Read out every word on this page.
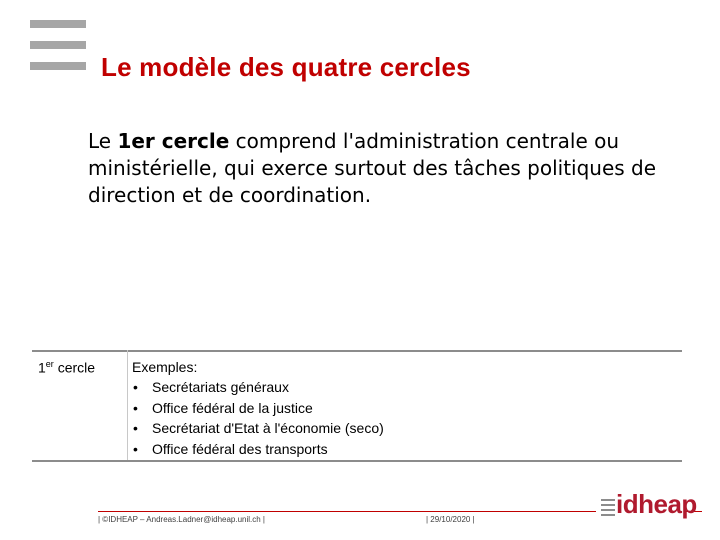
Le modèle des quatre cercles
Le 1er cercle comprend l'administration centrale ou ministérielle, qui exerce surtout des tâches politiques de direction et de coordination.
1er cercle	Exemples:
• Secrétariats généraux
• Office fédéral de la justice
• Secrétariat d'Etat à l'économie (seco)
• Office fédéral des transports
| ©IDHEAP – Andreas.Ladner@idheap.unil.ch |	| 29/10/2020 |
idheap
